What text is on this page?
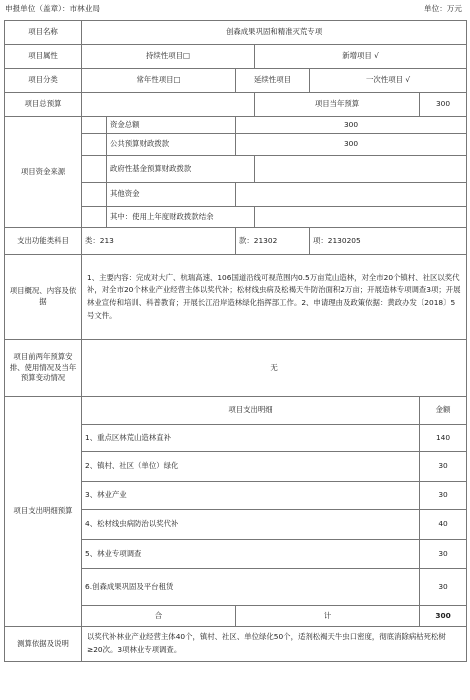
申报单位（盖章）：市林业局	单位：万元
项目名称	创森成果巩固和精准灭荒专项					
项目属性	持续性项目□			新增项目 √		
项目分类	常年性项目□		延续性项目		一次性项目 √	
项目总预算				项目当年预算		300
项目资金来源		资金总额	300			
		公共预算财政拨款	300			
		政府性基金预算财政拨款				
		其他资金				
		其中：使用上年度财政拨款结余				
支出功能类科目	类：213		款：21302		项：2130205	
项目概况、内容及依据	1、主要内容：完成对大广、杭瑞高速、106国道沿线可视范围内0.5万亩荒山造林，对全市20个镇村、社区以奖代补，对全市20个林业产业经营主体以奖代补；松材线虫病及松褐天牛防治面积2万亩；开展造林专项调查3项；开展林业宣传和培训、科普教育；开展长江沿岸造林绿化指挥部工作。2、申请理由及政策依据：黄政办发〔2018〕5号文件。					
项目前两年预算安排、使用情况及当年预算变动情况	无					
项目支出明细预算	项目支出明细					金额
	1、重点区林荒山造林直补					140
	2、镇村、社区（单位）绿化					30
	3、林业产业					30
	4、松材线虫病防治以奖代补					40
	5、林业专项调查					30
	6.创森成果巩固及平台租赁					30
	合		计			300
测算依据及说明	以奖代补林业产业经营主体40个，镇村、社区、单位绿化50个，适剂松褐天牛虫口密度，彻底消除病枯死松树≥20次。3项林业专项调查。					
